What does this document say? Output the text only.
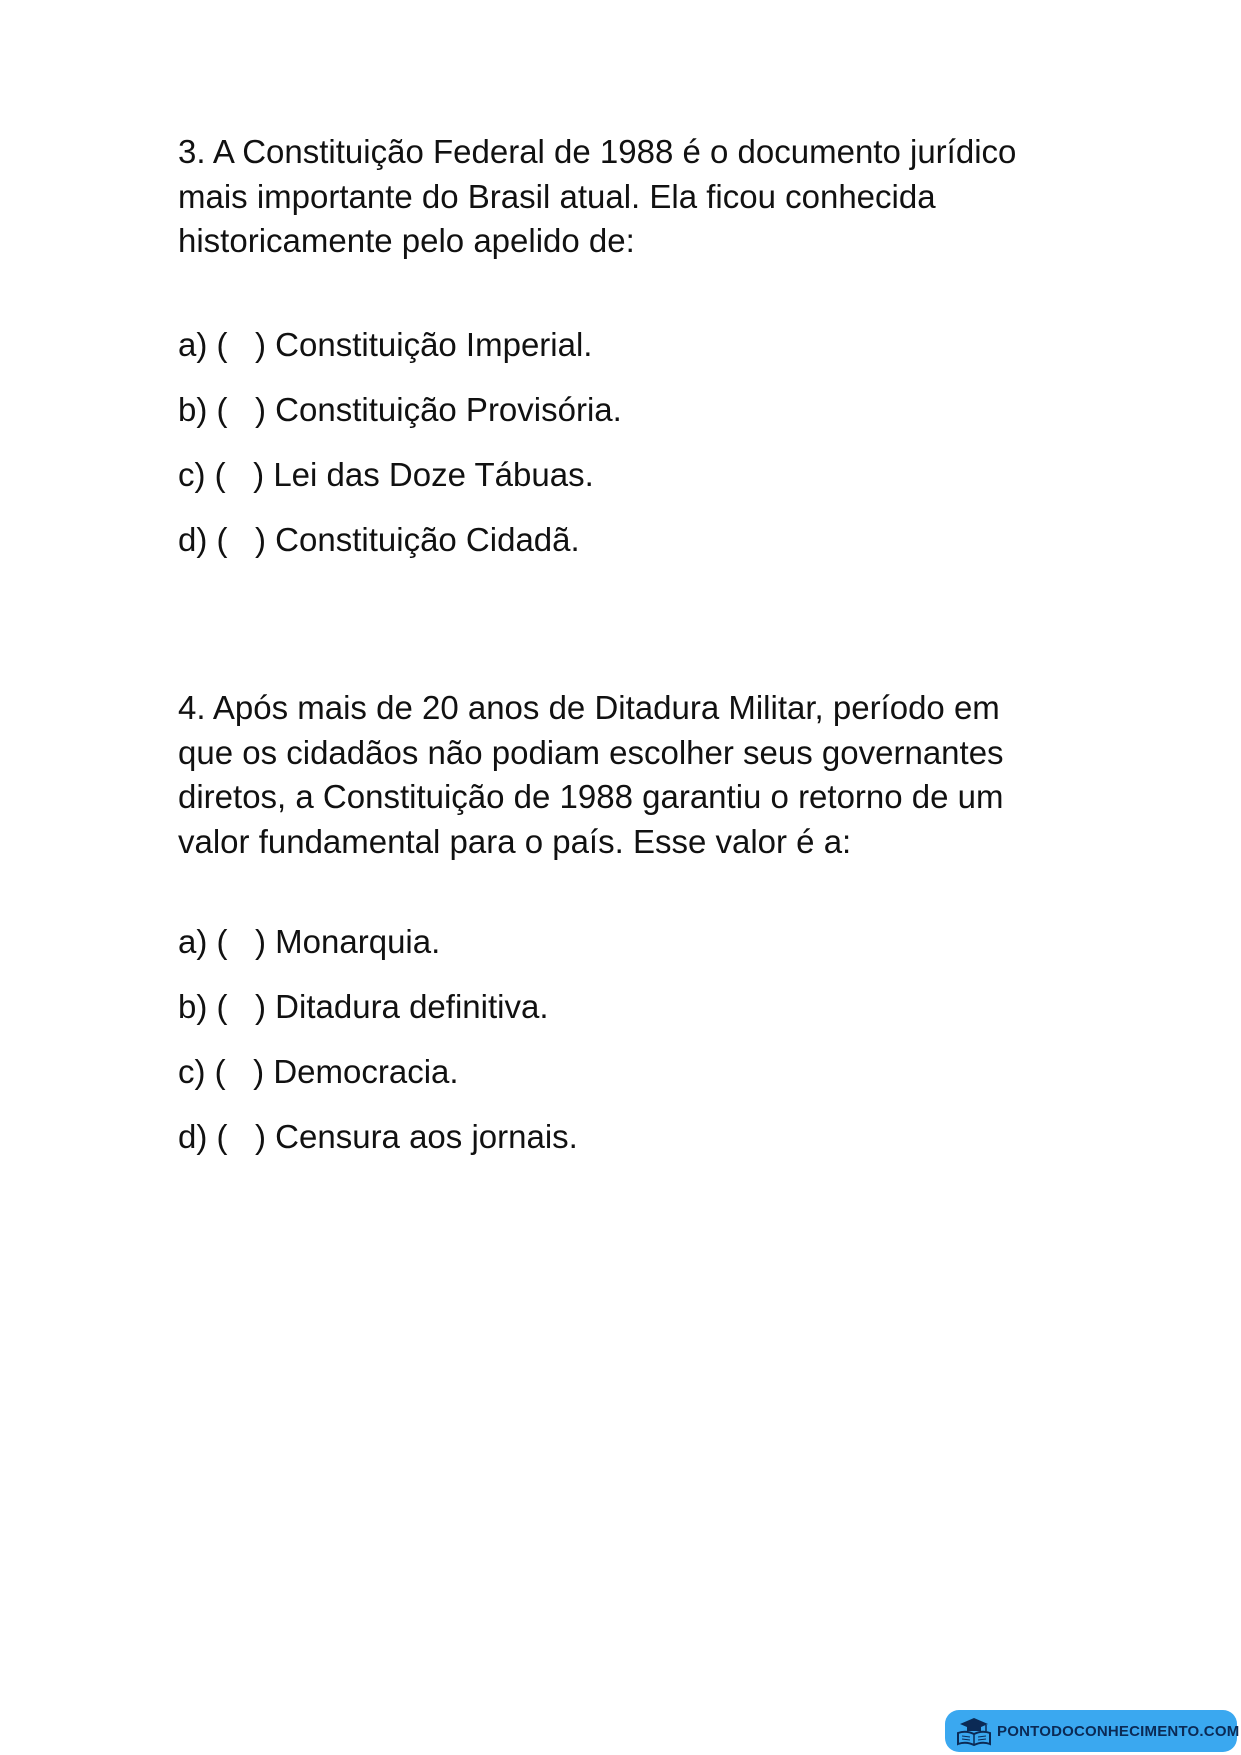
3. A Constituição Federal de 1988 é o documento jurídico
mais importante do Brasil atual. Ela ficou conhecida
historicamente pelo apelido de:

a) (   ) Constituição Imperial.
b) (   ) Constituição Provisória.
c) (   ) Lei das Doze Tábuas.
d) (   ) Constituição Cidadã.

4. Após mais de 20 anos de Ditadura Militar, período em
que os cidadãos não podiam escolher seus governantes
diretos, a Constituição de 1988 garantiu o retorno de um
valor fundamental para o país. Esse valor é a:

a) (   ) Monarquia.
b) (   ) Ditadura definitiva.
c) (   ) Democracia.
d) (   ) Censura aos jornais.
PONTODOCONHECIMENTO.COM
